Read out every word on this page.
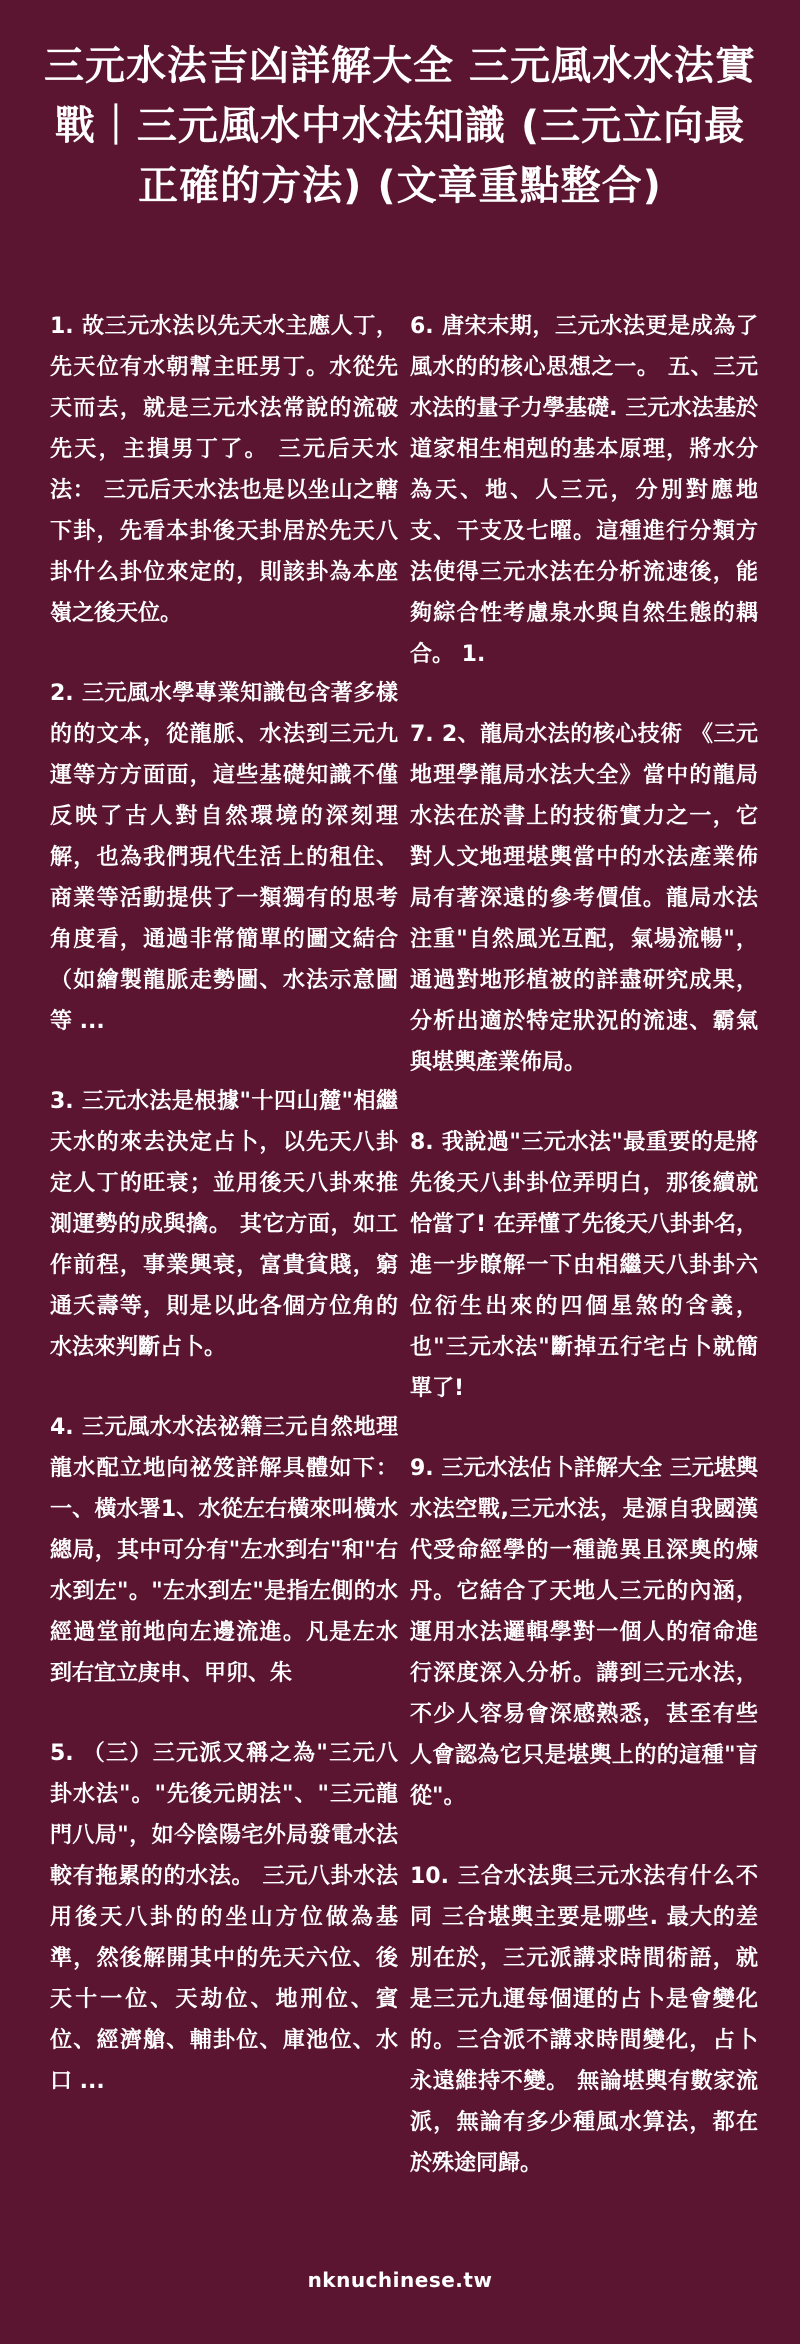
三元水法吉凶詳解大全 三元風水水法實戰｜三元風水中水法知識 (三元立向最正確的方法) (文章重點整合)

1. 故三元水法以先天水主應人丁，先天位有水朝幫主旺男丁。水從先天而去，就是三元水法常說的流破先天，主損男丁了。 三元后天水法： 三元后天水法也是以坐山之轄下卦，先看本卦後天卦居於先天八卦什么卦位來定的，則該卦為本座嶺之後天位。

2. 三元風水學專業知識包含著多樣的的文本，從龍脈、水法到三元九運等方方面面，這些基礎知識不僅反映了古人對自然環境的深刻理解，也為我們現代生活上的租住、商業等活動提供了一類獨有的思考角度看，通過非常簡單的圖文結合（如繪製龍脈走勢圖、水法示意圖等 ...

3. 三元水法是根據"十四山麓"相繼天水的來去決定占卜，以先天八卦定人丁的旺衰；並用後天八卦來推測運勢的成與擒。 其它方面，如工作前程，事業興衰，富貴貧賤，窮通夭壽等，則是以此各個方位角的水法來判斷占卜。

4. 三元風水水法祕籍三元自然地理龍水配立地向祕笈詳解具體如下：一、橫水署1、水從左右橫來叫橫水總局，其中可分有"左水到右"和"右水到左"。"左水到左"是指左側的水經過堂前地向左邊流進。凡是左水到右宜立庚申、甲卯、朱

5. （三）三元派又稱之為"三元八卦水法"。"先後元朗法"、"三元龍門八局"，如今陰陽宅外局發電水法較有拖累的的水法。 三元八卦水法用後天八卦的的坐山方位做為基準，然後解開其中的先天六位、後天十一位、天劫位、地刑位、賓位、經濟艙、輔卦位、庫池位、水口 ...

6. 唐宋末期，三元水法更是成為了風水的的核心思想之一。 五、三元水法的量子力學基礎. 三元水法基於道家相生相剋的基本原理，將水分為天、地、人三元，分別對應地支、干支及七曜。這種進行分類方法使得三元水法在分析流速後，能夠綜合性考慮泉水與自然生態的耦合。 1.

7. 2、龍局水法的核心技術 《三元地理學龍局水法大全》當中的龍局水法在於書上的技術實力之一，它對人文地理堪輿當中的水法產業佈局有著深遠的參考價值。龍局水法注重"自然風光互配，氣場流暢"，通過對地形植被的詳盡研究成果，分析出適於特定狀況的流速、霸氣與堪輿產業佈局。

8. 我說過"三元水法"最重要的是將先後天八卦卦位弄明白，那後續就恰當了! 在弄懂了先後天八卦卦名，進一步瞭解一下由相繼天八卦卦六位衍生出來的四個星煞的含義，也"三元水法"斷掉五行宅占卜就簡單了!

9. 三元水法佔卜詳解大全 三元堪輿水法空戰,三元水法，是源自我國漢代受命經學的一種詭異且深奧的煉丹。它結合了天地人三元的內涵，運用水法邏輯學對一個人的宿命進行深度深入分析。講到三元水法，不少人容易會深感熟悉，甚至有些人會認為它只是堪輿上的的這種"盲從"。

10. 三合水法與三元水法有什么不同 三合堪輿主要是哪些. 最大的差別在於，三元派講求時間術語，就是三元九運每個運的占卜是會變化的。三合派不講求時間變化，占卜永遠維持不變。 無論堪輿有數家流派，無論有多少種風水算法，都在於殊途同歸。

nknuchinese.tw
